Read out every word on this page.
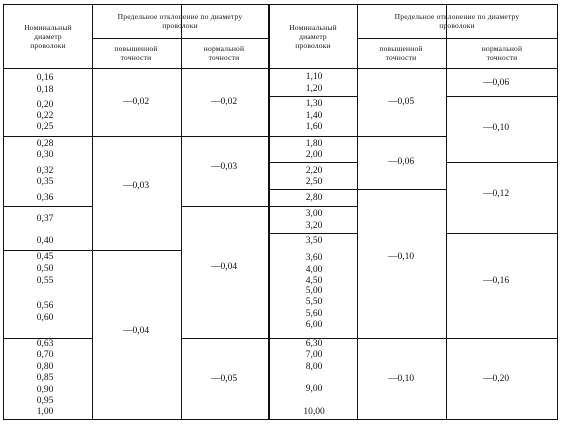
Номинальный
диаметр
проволоки
Предельное отклонение по диаметру
проволоки
повышенной
точности
нормальной
точности
Номинальный
диаметр
проволоки
Предельное отклонение по диаметру
проволоки
повышенной
точности
нормальной
точности
0,16
0,18
0,20
0,22
0,25
0,28
0,30
0,32
0,35
0,36
0,37
0,40
0,45
0,50
0,55
0,56
0,60
0,63
0,70
0,80
0,85
0,90
0,95
1,00
1,10
1,20
1,30
1,40
1,60
1,80
2,00
2,20
2,50
2,80
3,00
3,20
3,50
3,60
4,00
4,50
5,00
5,50
5,60
6,00
6,30
7,00
8,00
9,00
10,00
—0,02
—0,03
—0,04
—0,02
—0,03
—0,04
—0,05
—0,05
—0,06
—0,10
—0,10
—0,06
—0,10
—0,12
—0,16
—0,20
